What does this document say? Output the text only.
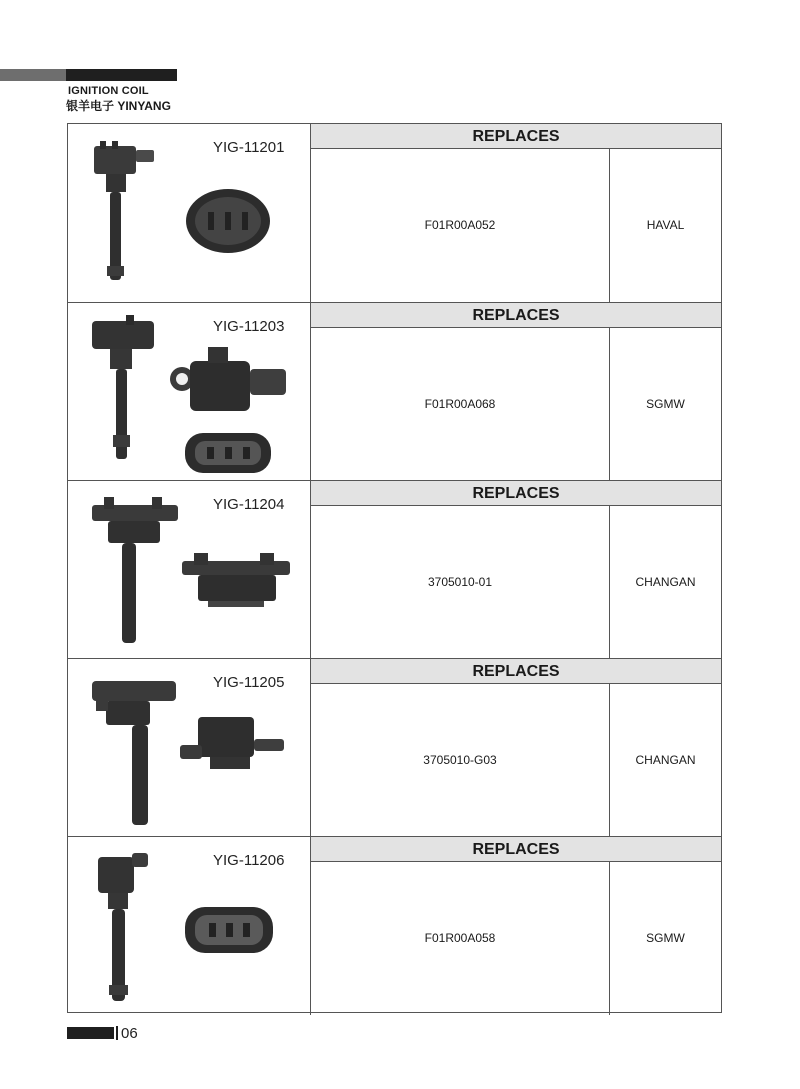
IGNITION COIL
银羊电子 YINYANG
YIG-11201
REPLACES
F01R00A052	HAVAL
YIG-11203
REPLACES
F01R00A068	SGMW
YIG-11204
REPLACES
3705010-01	CHANGAN
YIG-11205
REPLACES
3705010-G03	CHANGAN
YIG-11206
REPLACES
F01R00A058	SGMW
06
